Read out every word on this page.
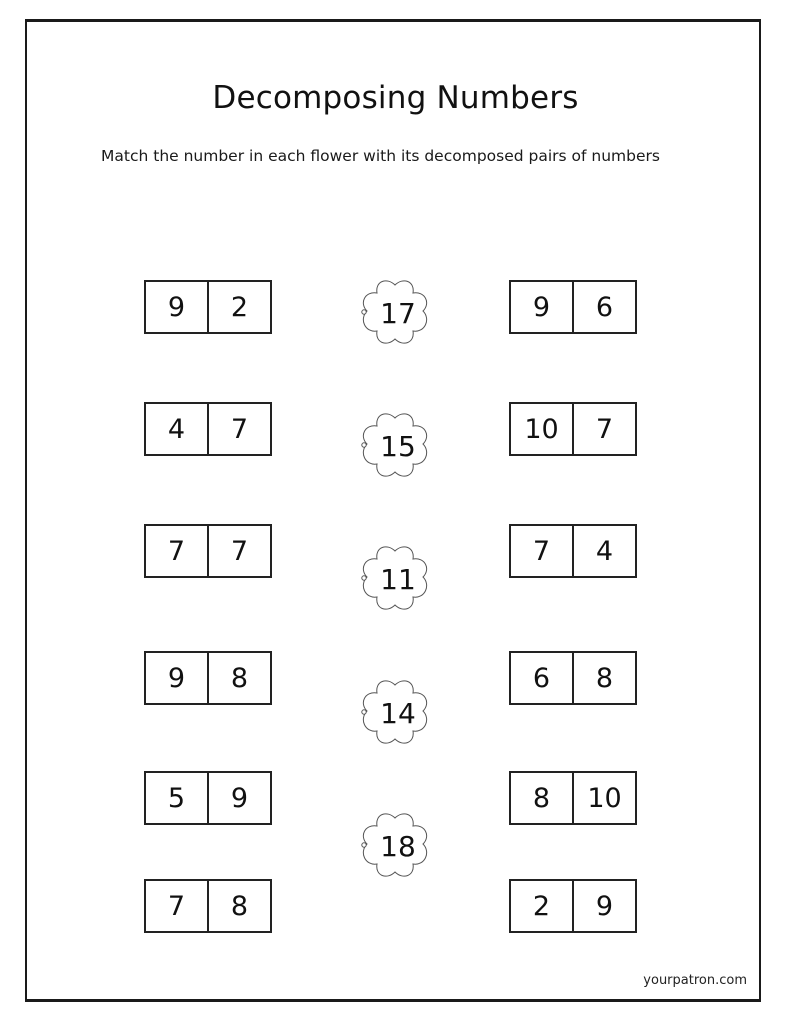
Decomposing Numbers
Match the number in each flower with its decomposed pairs of numbers
9	2
4	7
7	7
9	8
5	9
7	8
17
15
11
14
18
9	6
10	7
7	4
6	8
8	10
2	9
yourpatron.com
